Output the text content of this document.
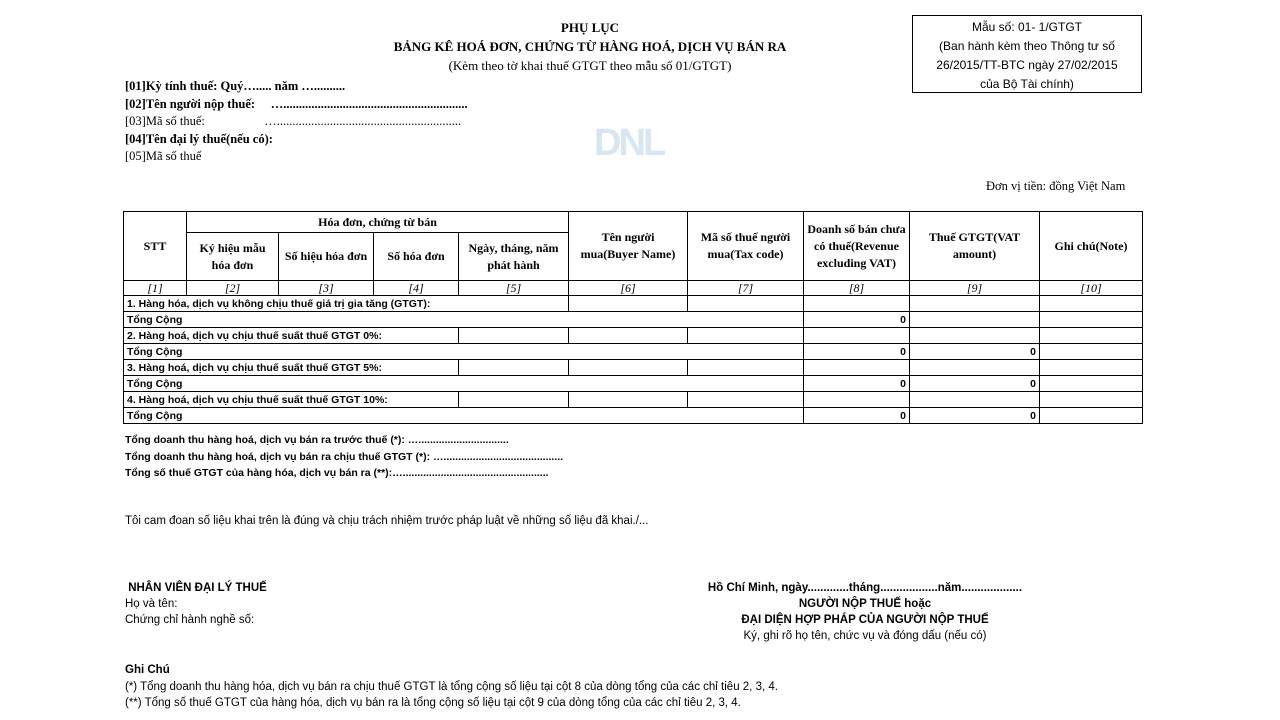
PHỤ LỤC
BẢNG KÊ HOÁ ĐƠN, CHỨNG TỪ HÀNG HOÁ, DỊCH VỤ BÁN RA
(Kèm theo tờ khai thuế GTGT theo mẫu số 01/GTGT)
Mẫu số: 01- 1/GTGT
(Ban hành kèm theo Thông tư số
26/2015/TT-BTC ngày 27/02/2015
của Bộ Tài chính)
[01]Kỳ tính thuế: Quý…..... năm …..........
[02]Tên người nộp thuế:     …...........................................................
[03]Mã số thuế:                   …...........................................................
[04]Tên đại lý thuế(nếu có):
[05]Mã số thuế	DNL
Đơn vị tiền: đồng Việt Nam
STT	Hóa đơn, chứng từ bán				Tên người mua(Buyer Name)	Mã số thuế người mua(Tax code)	Doanh số bán chưa có thuế(Revenue excluding VAT)	Thuế GTGT(VAT amount)	Ghi chú(Note)
	Ký hiệu mẫu hóa đơn	Số hiệu hóa đơn	Số hóa đơn	Ngày, tháng, năm phát hành					
[1]	[2]	[3]	[4]	[5]	[6]	[7]	[8]	[9]	[10]
1. Hàng hóa, dịch vụ không chịu thuế giá trị gia tăng (GTGT):									
Tổng Cộng							0		
2. Hàng hoá, dịch vụ chịu thuế suất thuế GTGT 0%:									
Tổng Cộng							0	0	
3. Hàng hoá, dịch vụ chịu thuế suất thuế GTGT 5%:									
Tổng Cộng							0	0	
4. Hàng hoá, dịch vụ chịu thuế suất thuế GTGT 10%:									
Tổng Cộng							0	0	
Tổng doanh thu hàng hoá, dịch vụ bán ra trước thuế (*): …...............................
Tổng doanh thu hàng hoá, dịch vụ bán ra chịu thuế GTGT (*): ….........................................
Tổng số thuế GTGT của hàng hóa, dịch vụ bán ra (**):…..................................................
Tôi cam đoan số liệu khai trên là đúng và chịu trách nhiệm trước pháp luật về những số liệu đã khai./...
NHÂN VIÊN ĐẠI LÝ THUẾ
Họ và tên:
Chứng chỉ hành nghề số:
Hồ Chí Minh, ngày.............tháng..................năm...................
NGƯỜI NỘP THUẾ hoặc
ĐẠI DIỆN HỢP PHÁP CỦA NGƯỜI NỘP THUẾ
Ký, ghi rõ họ tên, chức vụ và đóng dấu (nếu có)
Ghi Chú
(*) Tổng doanh thu hàng hóa, dịch vụ bán ra chịu thuế GTGT là tổng cộng số liệu tại cột 8 của dòng tổng của các chỉ tiêu 2, 3, 4.
(**) Tổng số thuế GTGT của hàng hóa, dịch vụ bán ra là tổng cộng số liệu tại cột 9 của dòng tổng của các chỉ tiêu 2, 3, 4.
